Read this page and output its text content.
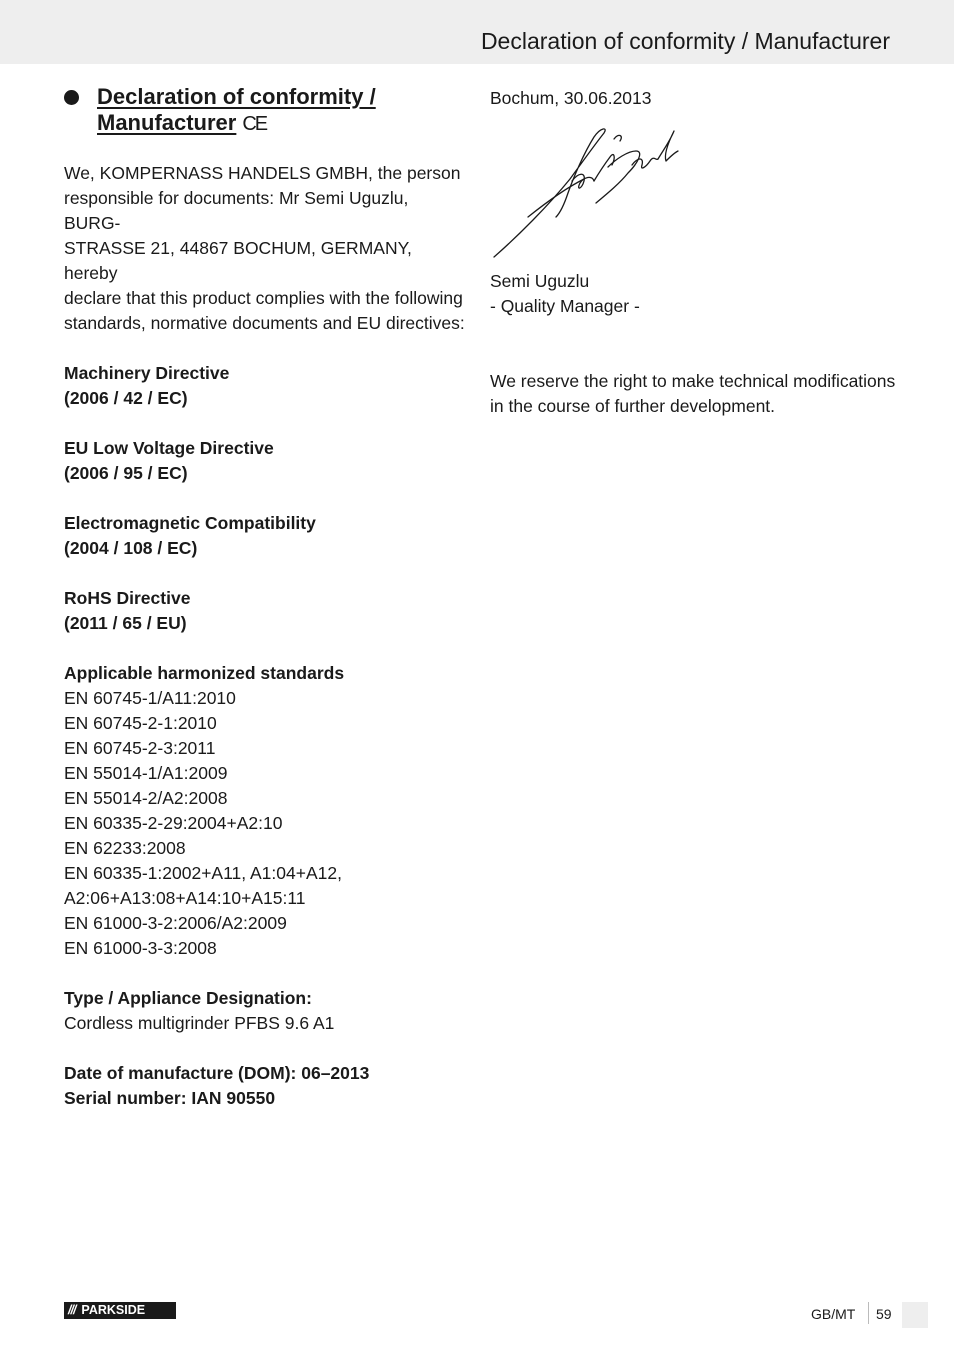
Declaration of conformity / Manufacturer
Declaration of conformity /
Manufacturer CE

We, KOMPERNASS HANDELS GMBH, the person

responsible for documents: Mr Semi Uguzlu, BURG-

STRASSE 21, 44867 BOCHUM, GERMANY, hereby

declare that this product complies with the following

standards, normative documents and EU directives:

Machinery Directive

(2006 / 42 / EC)

EU Low Voltage Directive

(2006 / 95 / EC)

Electromagnetic Compatibility

(2004 / 108 / EC)

RoHS Directive

(2011 / 65 / EU)

Applicable harmonized standards

EN 60745-1/A11:2010

EN 60745-2-1:2010

EN 60745-2-3:2011

EN 55014-1/A1:2009

EN 55014-2/A2:2008

EN 60335-2-29:2004+A2:10

EN 62233:2008

EN 60335-1:2002+A11, A1:04+A12,

A2:06+A13:08+A14:10+A15:11

EN 61000-3-2:2006/A2:2009

EN 61000-3-3:2008

Type / Appliance Designation:

Cordless multigrinder PFBS 9.6 A1

Date of manufacture (DOM): 06–2013

Serial number: IAN 90550

Bochum, 30.06.2013

Semi Uguzlu

- Quality Manager -

We reserve the right to make technical modifications

in the course of further development.

/// PARKSIDE	GB/MT 59
